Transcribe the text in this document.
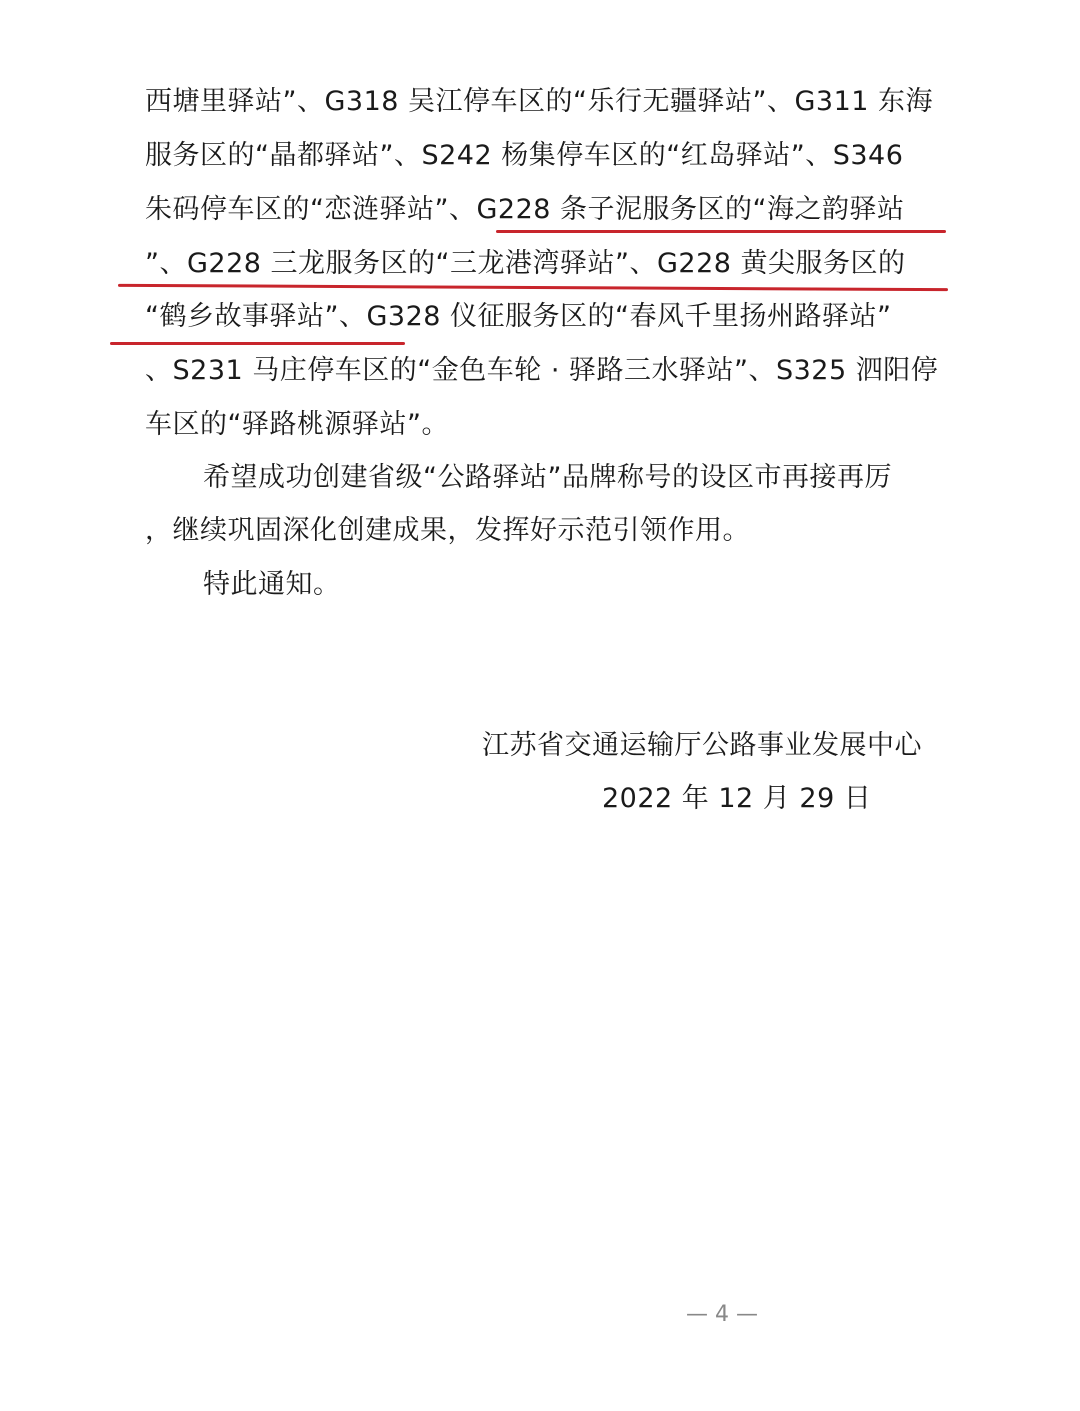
西塘里驿站”、G318 吴江停车区的“乐行无疆驿站”、G311 东海
服务区的“晶都驿站”、S242 杨集停车区的“红岛驿站”、S346
朱码停车区的“恋涟驿站”、G228 条子泥服务区的“海之韵驿站
”、G228 三龙服务区的“三龙港湾驿站”、G228 黄尖服务区的
“鹤乡故事驿站”、G328 仪征服务区的“春风千里扬州路驿站”
、S231 马庄停车区的“金色车轮 · 驿路三水驿站”、S325 泗阳停
车区的“驿路桃源驿站”。
希望成功创建省级“公路驿站”品牌称号的设区市再接再厉
，继续巩固深化创建成果，发挥好示范引领作用。
特此通知。
江苏省交通运输厅公路事业发展中心
2022 年 12 月 29 日
— 4 —
